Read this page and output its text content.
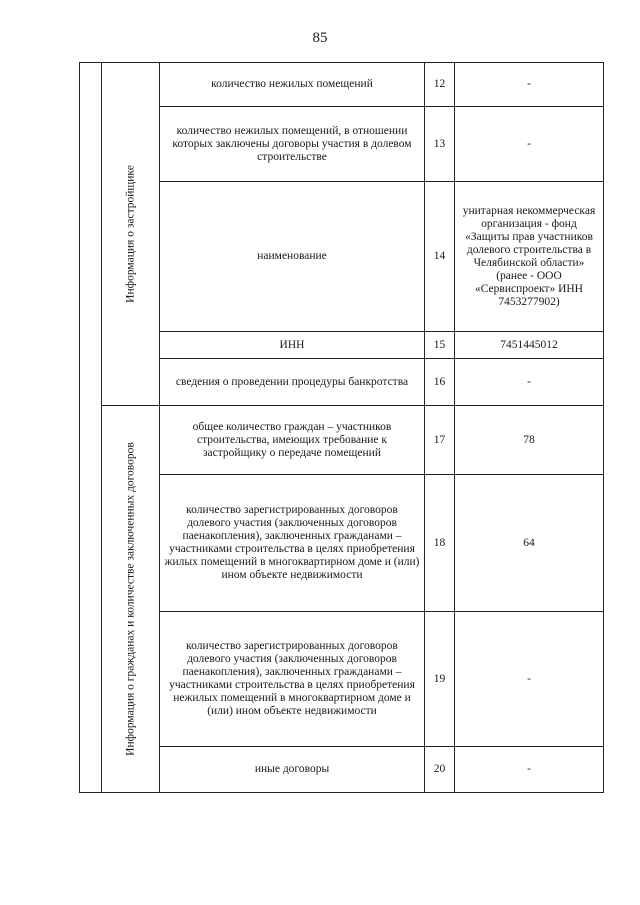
85

	Информация о застройщике	количество нежилых помещений	12	-
		количество нежилых помещений, в отношении которых заключены договоры участия в долевом строительстве	13	-
		наименование	14	унитарная некоммерческая организация - фонд «Защиты прав участников долевого строительства в Челябинской области» (ранее - ООО «Сервиспроект» ИНН 7453277902)
		ИНН	15	7451445012
		сведения о проведении процедуры банкротства	16	-

	Информация о гражданах и количестве заключенных договоров	общее количество граждан – участников строительства, имеющих требование к застройщику о передаче помещений	17	78
		количество зарегистрированных договоров долевого участия (заключенных договоров паенакопления), заключенных гражданами – участниками строительства в целях приобретения жилых помещений в многоквартирном доме и (или) ином объекте недвижимости	18	64
		количество зарегистрированных договоров долевого участия (заключенных договоров паенакопления), заключенных гражданами – участниками строительства в целях приобретения нежилых помещений в многоквартирном доме и (или) ином объекте недвижимости	19	-
		иные договоры	20	-
